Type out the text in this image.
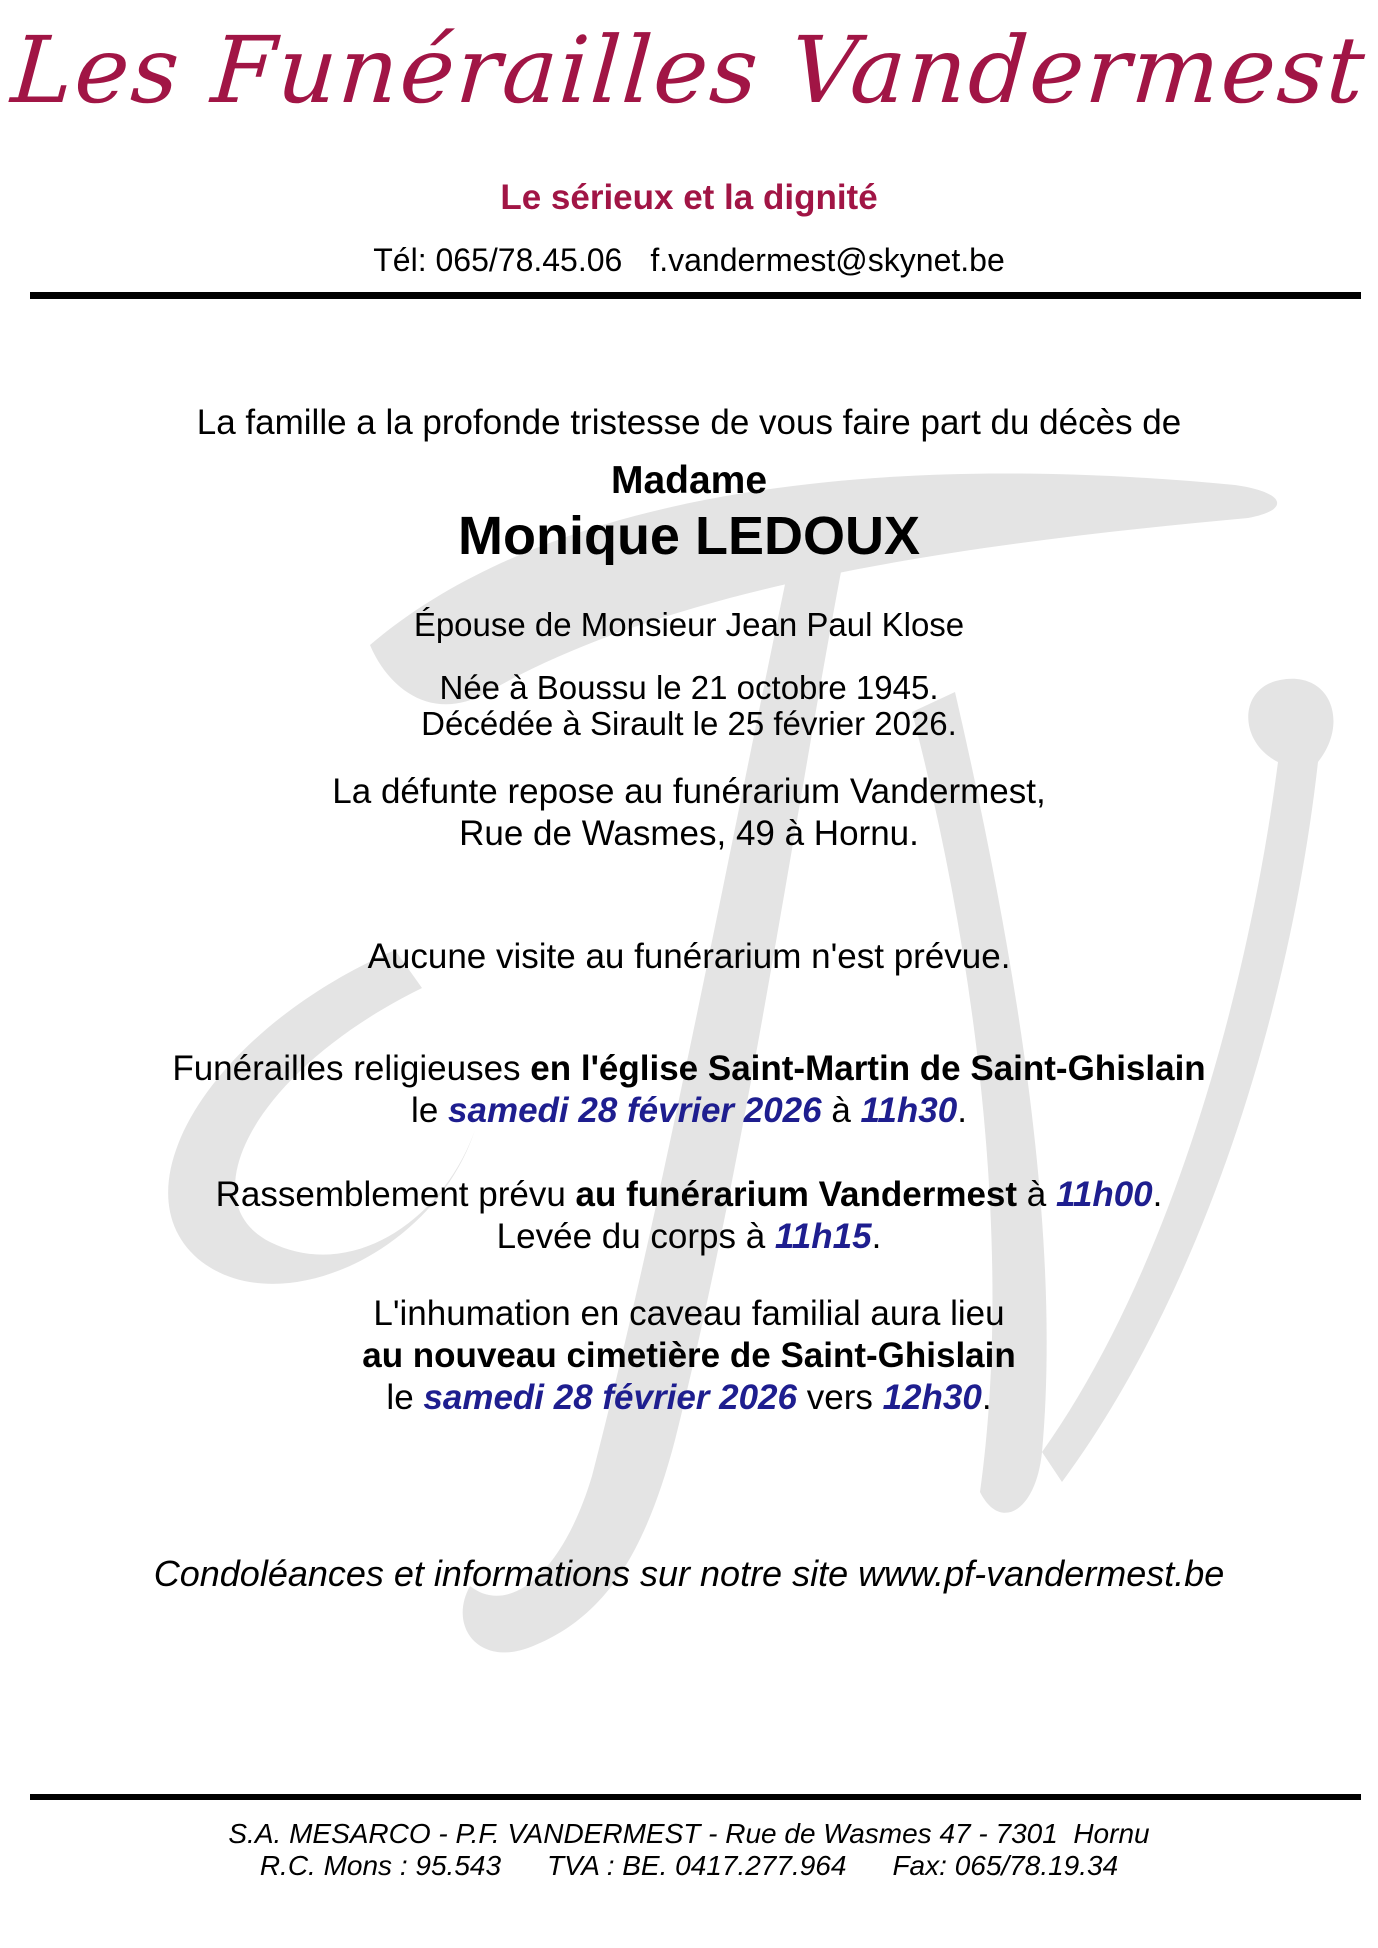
Les Funérailles Vandermest
Le sérieux et la dignité
Tél: 065/78.45.06 f.vandermest@skynet.be
La famille a la profonde tristesse de vous faire part du décès de
Madame
Monique LEDOUX
Épouse de Monsieur Jean Paul Klose
Née à Boussu le 21 octobre 1945.
Décédée à Sirault le 25 février 2026.
La défunte repose au funérarium Vandermest,
Rue de Wasmes, 49 à Hornu.
Aucune visite au funérarium n'est prévue.
Funérailles religieuses en l'église Saint-Martin de Saint-Ghislain
le samedi 28 février 2026 à 11h30.
Rassemblement prévu au funérarium Vandermest à 11h00.
Levée du corps à 11h15.
L'inhumation en caveau familial aura lieu
au nouveau cimetière de Saint-Ghislain
le samedi 28 février 2026 vers 12h30.
Condoléances et informations sur notre site www.pf-vandermest.be
S.A. MESARCO - P.F. VANDERMEST - Rue de Wasmes 47 - 7301  Hornu
R.C. Mons : 95.543 TVA : BE. 0417.277.964 Fax: 065/78.19.34
